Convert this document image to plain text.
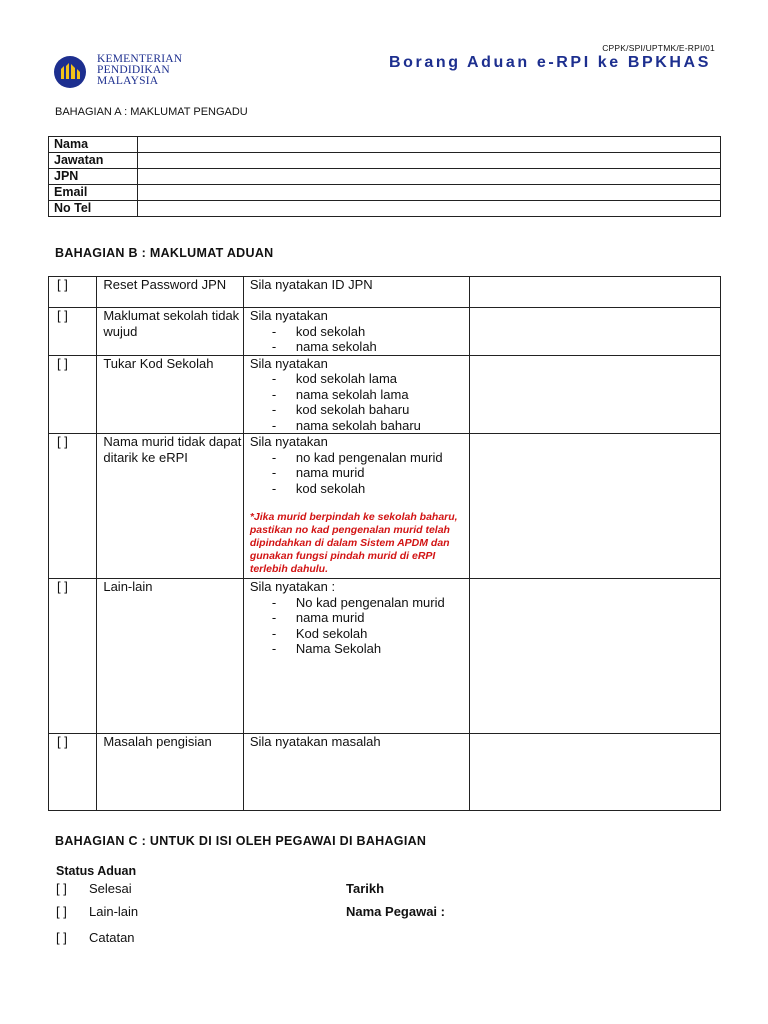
KEMENTERIAN
PENDIDIKAN
MALAYSIA
CPPK/SPI/UPTMK/E-RPI/01
Borang Aduan e-RPI ke BPKHAS
BAHAGIAN A : MAKLUMAT PENGADU
Nama	
Jawatan	
JPN	
Email	
No Tel	
BAHAGIAN B : MAKLUMAT ADUAN
[ ]	Reset Password JPN	Sila nyatakan ID JPN	

[ ]	Maklumat sekolah tidak wujud	Sila nyatakan
- kod sekolah
- nama sekolah

[ ]	Tukar Kod Sekolah	Sila nyatakan
- kod sekolah lama
- nama sekolah lama
- kod sekolah baharu
- nama sekolah baharu

[ ]	Nama murid tidak dapat ditarik ke eRPI	Sila nyatakan
- no kad pengenalan murid
- nama murid
- kod sekolah
*Jika murid berpindah ke sekolah baharu, pastikan no kad pengenalan murid telah dipindahkan di dalam Sistem APDM dan gunakan fungsi pindah murid di eRPI terlebih dahulu.

[ ]	Lain-lain	Sila nyatakan :
- No kad pengenalan murid
- nama murid
- Kod sekolah
- Nama Sekolah

[ ]	Masalah pengisian	Sila nyatakan masalah	

BAHAGIAN C : UNTUK DI ISI OLEH PEGAWAI DI BAHAGIAN
Status Aduan
[ ] Selesai
[ ] Lain-lain
[ ] Catatan
Tarikh
Nama Pegawai :
